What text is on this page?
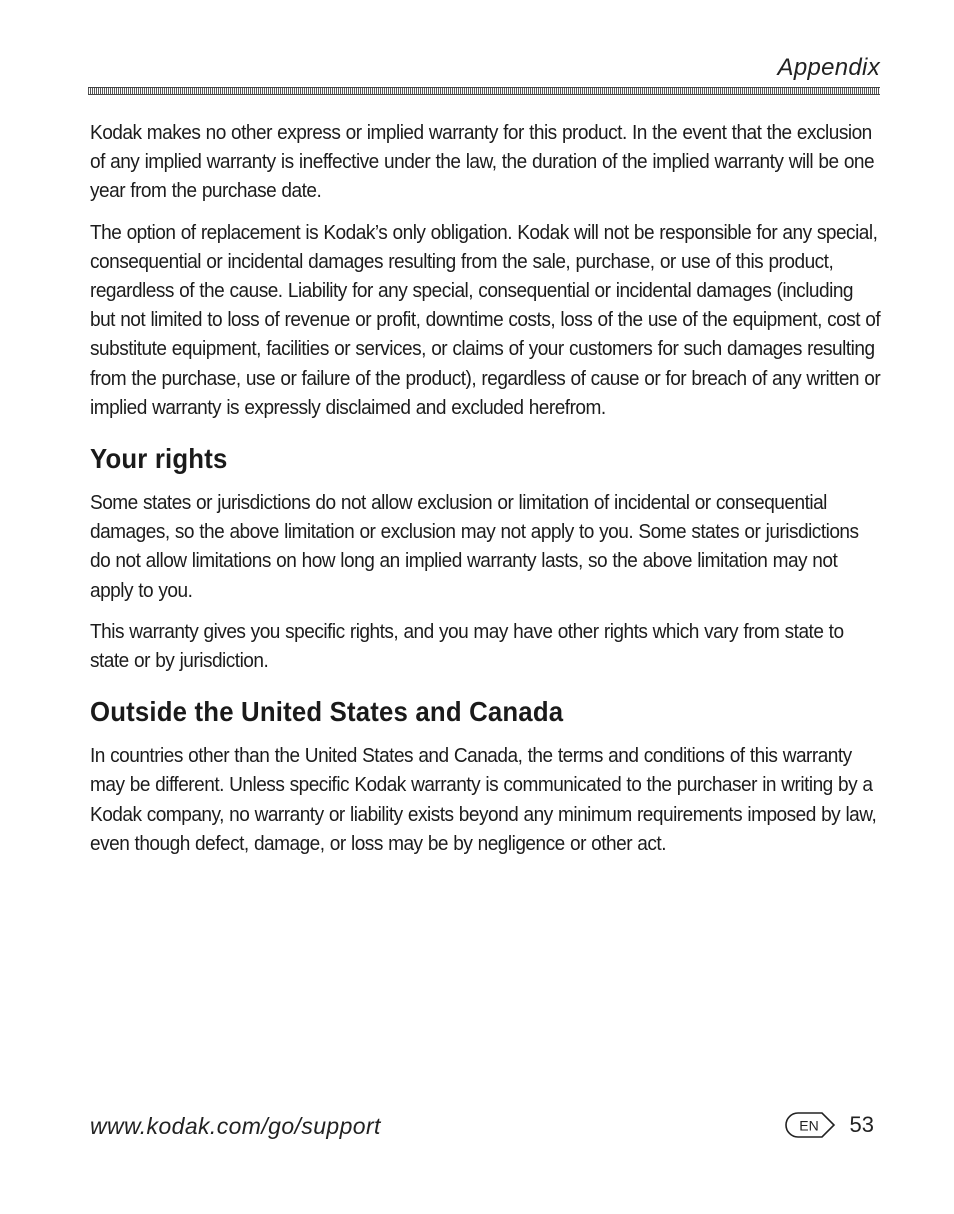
Appendix

Kodak makes no other express or implied warranty for this product. In the event that the exclusion of any implied warranty is ineffective under the law, the duration of the implied warranty will be one year from the purchase date.

The option of replacement is Kodak’s only obligation. Kodak will not be responsible for any special, consequential or incidental damages resulting from the sale, purchase, or use of this product, regardless of the cause. Liability for any special, consequential or incidental damages (including but not limited to loss of revenue or profit, downtime costs, loss of the use of the equipment, cost of substitute equipment, facilities or services, or claims of your customers for such damages resulting from the purchase, use or failure of the product), regardless of cause or for breach of any written or implied warranty is expressly disclaimed and excluded herefrom.

Your rights

Some states or jurisdictions do not allow exclusion or limitation of incidental or consequential damages, so the above limitation or exclusion may not apply to you. Some states or jurisdictions do not allow limitations on how long an implied warranty lasts, so the above limitation may not apply to you.

This warranty gives you specific rights, and you may have other rights which vary from state to state or by jurisdiction.

Outside the United States and Canada

In countries other than the United States and Canada, the terms and conditions of this warranty may be different. Unless specific Kodak warranty is communicated to the purchaser in writing by a Kodak company, no warranty or liability exists beyond any minimum requirements imposed by law, even though defect, damage, or loss may be by negligence or other act.

www.kodak.com/go/support	EN 53
